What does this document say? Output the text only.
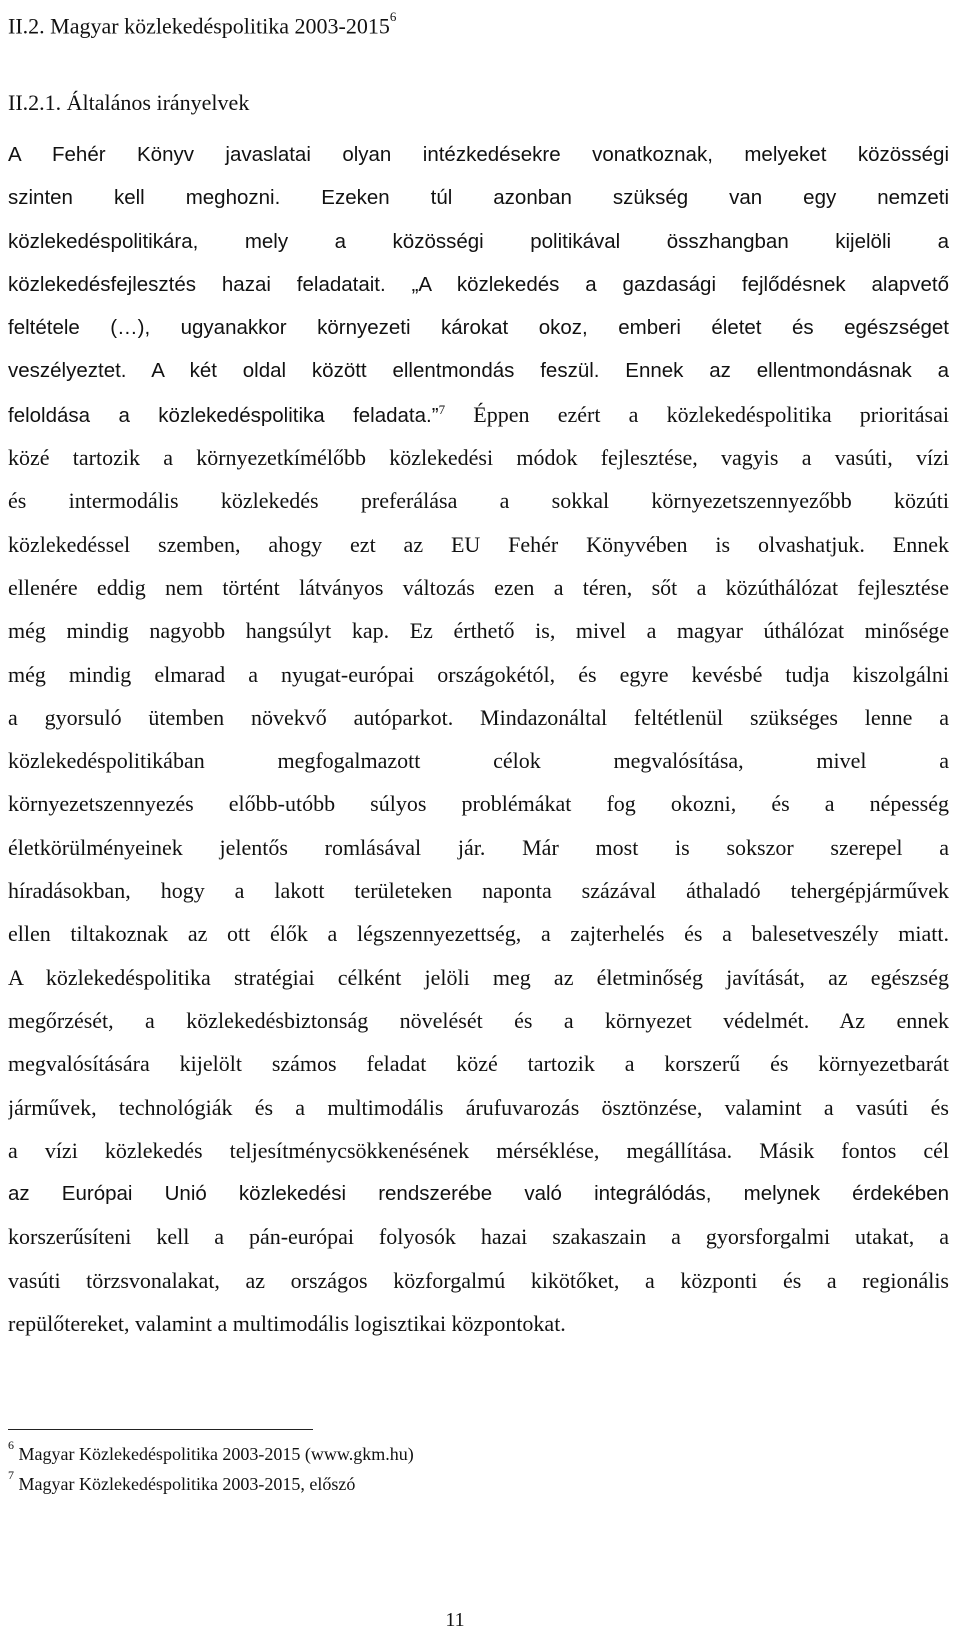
II.2. Magyar közlekedéspolitika 2003-2015$^6$
II.2.1. Általános irányelvek

A Fehér Könyv javaslatai olyan intézkedésekre vonatkoznak, melyeket közösségi
szinten kell meghozni. Ezeken túl azonban szükség van egy nemzeti
közlekedéspolitikára, mely a közösségi politikával összhangban kijelöli a
közlekedésfejlesztés hazai feladatait. „A közlekedés a gazdasági fejlődésnek alapvető
feltétele (…), ugyanakkor környezeti károkat okoz, emberi életet és egészséget
veszélyeztet. A két oldal között ellentmondás feszül. Ennek az ellentmondásnak a
feloldása a közlekedéspolitika feladata.”$^7$ Éppen ezért a közlekedéspolitika prioritásai
közé tartozik a környezetkímélőbb közlekedési módok fejlesztése, vagyis a vasúti, vízi
és intermodális közlekedés preferálása a sokkal környezetszennyezőbb közúti
közlekedéssel szemben, ahogy ezt az EU Fehér Könyvében is olvashatjuk. Ennek
ellenére eddig nem történt látványos változás ezen a téren, sőt a közúthálózat fejlesztése
még mindig nagyobb hangsúlyt kap. Ez érthető is, mivel a magyar úthálózat minősége
még mindig elmarad a nyugat-európai országokétól, és egyre kevésbé tudja kiszolgálni
a gyorsuló ütemben növekvő autóparkot. Mindazonáltal feltétlenül szükséges lenne a
közlekedéspolitikában megfogalmazott célok megvalósítása, mivel a
környezetszennyezés előbb-utóbb súlyos problémákat fog okozni, és a népesség
életkörülményeinek jelentős romlásával jár. Már most is sokszor szerepel a
híradásokban, hogy a lakott területeken naponta százával áthaladó tehergépjárművek
ellen tiltakoznak az ott élők a légszennyezettség, a zajterhelés és a balesetveszély miatt.
A közlekedéspolitika stratégiai célként jelöli meg az életminőség javítását, az egészség
megőrzését, a közlekedésbiztonság növelését és a környezet védelmét. Az ennek
megvalósítására kijelölt számos feladat közé tartozik a korszerű és környezetbarát
járművek, technológiák és a multimodális árufuvarozás ösztönzése, valamint a vasúti és
a vízi közlekedés teljesítménycsökkenésének mérséklése, megállítása. Másik fontos cél
az Európai Unió közlekedési rendszerébe való integrálódás, melynek érdekében
korszerűsíteni kell a pán-európai folyosók hazai szakaszain a gyorsforgalmi utakat, a
vasúti törzsvonalakat, az országos közforgalmú kikötőket, a központi és a regionális
repülőtereket, valamint a multimodális logisztikai központokat.

$^6$ Magyar Közlekedéspolitika 2003-2015 (www.gkm.hu)
$^7$ Magyar Közlekedéspolitika 2003-2015, előszó
11
